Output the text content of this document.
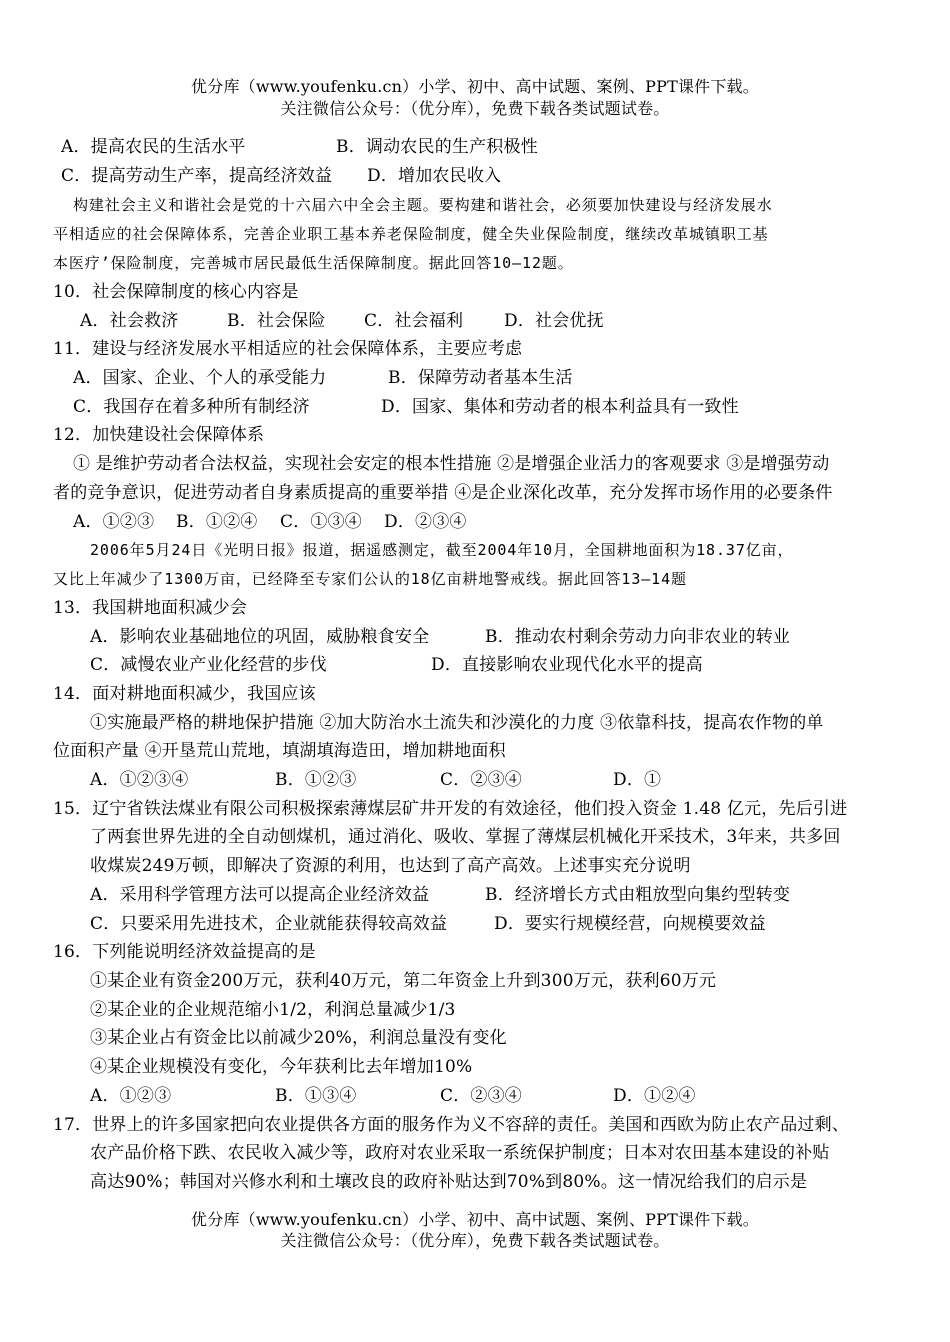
优分库（www.youfenku.cn）小学、初中、高中试题、案例、PPT课件下载。
关注微信公众号：（优分库），免费下载各类试题试卷。
A．提高农民的生活水平	B．调动农民的生产积极性
C．提高劳动生产率，提高经济效益 D．增加农民收入
构建社会主义和谐社会是党的十六届六中全会主题。要构建和谐社会，必须要加快建设与经济发展水
平相适应的社会保障体系，完善企业职工基本养老保险制度，健全失业保险制度，继续改革城镇职工基
本医疗’保险制度，完善城市居民最低生活保障制度。据此回答10—12题。
10．社会保障制度的核心内容是
A．社会救济	B．社会保险 C．社会福利 D．社会优抚
11．建设与经济发展水平相适应的社会保障体系，主要应考虑
A．国家、企业、个人的承受能力	B．保障劳动者基本生活
C．我国存在着多种所有制经济	D．国家、集体和劳动者的根本利益具有一致性
12．加快建设社会保障体系
① 是维护劳动者合法权益，实现社会安定的根本性措施 ②是增强企业活力的客观要求 ③是增强劳动
者的竞争意识，促进劳动者自身素质提高的重要举措 ④是企业深化改革，充分发挥市场作用的必要条件
A．①②③ B．①②④ C．①③④ D．②③④
2006年5月24日《光明日报》报道，据遥感测定，截至2004年10月，全国耕地面积为18.37亿亩，
又比上年减少了1300万亩，已经降至专家们公认的18亿亩耕地警戒线。据此回答13—14题
13．我国耕地面积减少会
A．影响农业基础地位的巩固，威胁粮食安全	B．推动农村剩余劳动力向非农业的转业
C．减慢农业产业化经营的步伐	D．直接影响农业现代化水平的提高
14．面对耕地面积减少，我国应该
①实施最严格的耕地保护措施 ②加大防治水土流失和沙漠化的力度 ③依靠科技，提高农作物的单
位面积产量 ④开垦荒山荒地，填湖填海造田，增加耕地面积
A．①②③④	B．①②③	C．②③④	D．①
15．辽宁省铁法煤业有限公司积极探索薄煤层矿井开发的有效途径，他们投入资金 1.48 亿元，先后引进
了两套世界先进的全自动刨煤机，通过消化、吸收、掌握了薄煤层机械化开采技术，3年来，共多回
收煤炭249万顿，即解决了资源的利用，也达到了高产高效。上述事实充分说明
A．采用科学管理方法可以提高企业经济效益	B．经济增长方式由粗放型向集约型转变
C．只要采用先进技术，企业就能获得较高效益	D．要实行规模经营，向规模要效益
16．下列能说明经济效益提高的是
①某企业有资金200万元，获利40万元，第二年资金上升到300万元，获利60万元
②某企业的企业规范缩小1/2，利润总量减少1/3
③某企业占有资金比以前减少20%，利润总量没有变化
④某企业规模没有变化，今年获利比去年增加10%
A．①②③	B．①③④	C．②③④	D．①②④
17．世界上的许多国家把向农业提供各方面的服务作为义不容辞的责任。美国和西欧为防止农产品过剩、
农产品价格下跌、农民收入减少等，政府对农业采取一系统保护制度；日本对农田基本建设的补贴
高达90%；韩国对兴修水利和土壤改良的政府补贴达到70%到80%。这一情况给我们的启示是
优分库（www.youfenku.cn）小学、初中、高中试题、案例、PPT课件下载。
关注微信公众号：（优分库），免费下载各类试题试卷。
